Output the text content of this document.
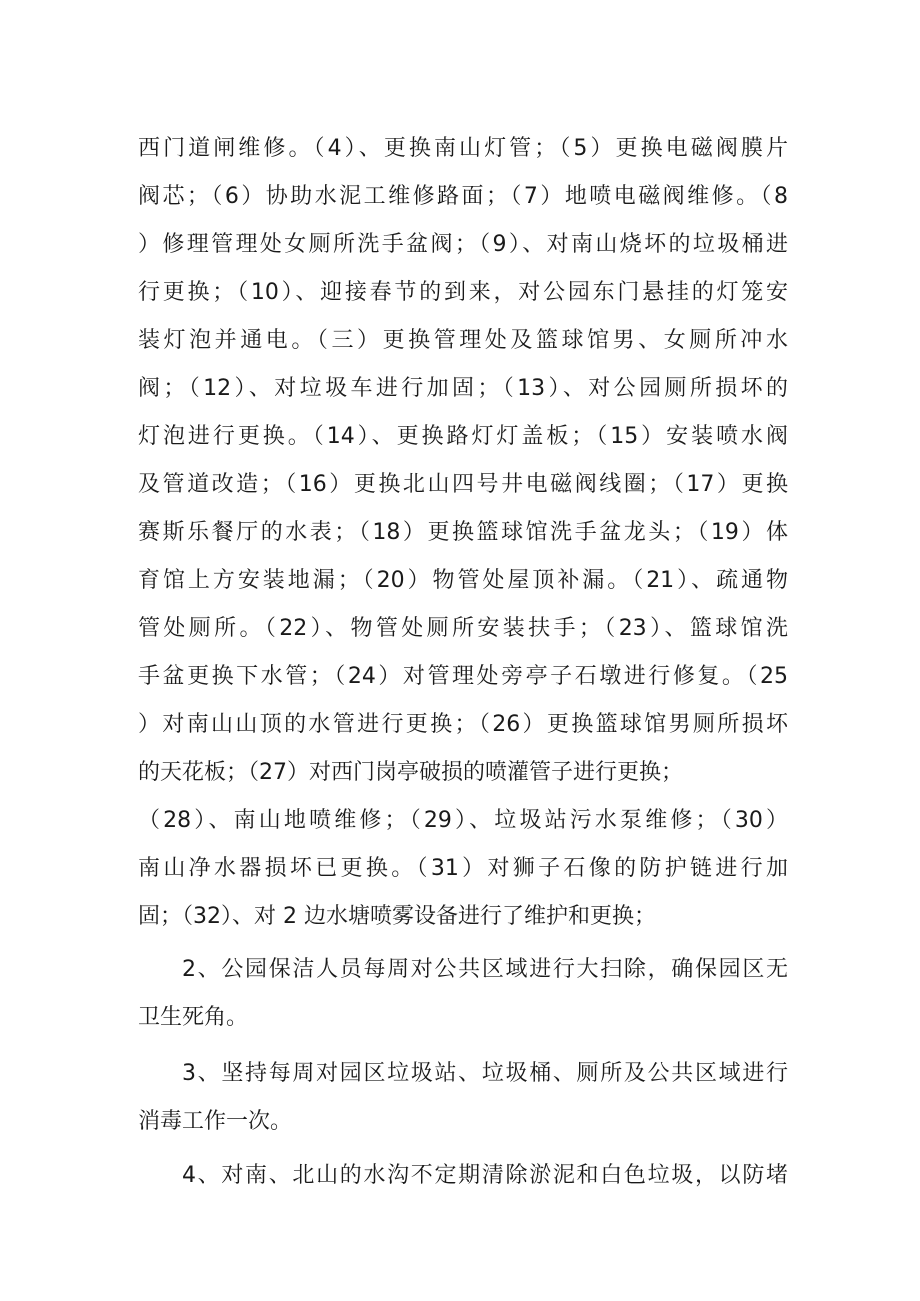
西门道闸维修。（4）、更换南山灯管；（5）更换电磁阀膜片
阀芯；（6）协助水泥工维修路面；（7）地喷电磁阀维修。（8
）修理管理处女厕所洗手盆阀；（9）、对南山烧坏的垃圾桶进
行更换；（10）、迎接春节的到来，对公园东门悬挂的灯笼安
装灯泡并通电。（三）更换管理处及篮球馆男、女厕所冲水
阀；（12）、对垃圾车进行加固；（13）、对公园厕所损坏的
灯泡进行更换。（14）、更换路灯灯盖板；（15）安装喷水阀
及管道改造；（16）更换北山四号井电磁阀线圈；（17）更换
赛斯乐餐厅的水表；（18）更换篮球馆洗手盆龙头；（19）体
育馆上方安装地漏；（20）物管处屋顶补漏。（21）、疏通物
管处厕所。（22）、物管处厕所安装扶手；（23）、篮球馆洗
手盆更换下水管；（24）对管理处旁亭子石墩进行修复。（25
）对南山山顶的水管进行更换；（26）更换篮球馆男厕所损坏
的天花板；（27）对西门岗亭破损的喷灌管子进行更换；
（28）、南山地喷维修；（29）、垃圾站污水泵维修；（30）
南山净水器损坏已更换。（31）对狮子石像的防护链进行加
固；（32）、对 2 边水塘喷雾设备进行了维护和更换；
2、公园保洁人员每周对公共区域进行大扫除，确保园区无
卫生死角。
3、坚持每周对园区垃圾站、垃圾桶、厕所及公共区域进行
消毒工作一次。
4、对南、北山的水沟不定期清除淤泥和白色垃圾，以防堵
